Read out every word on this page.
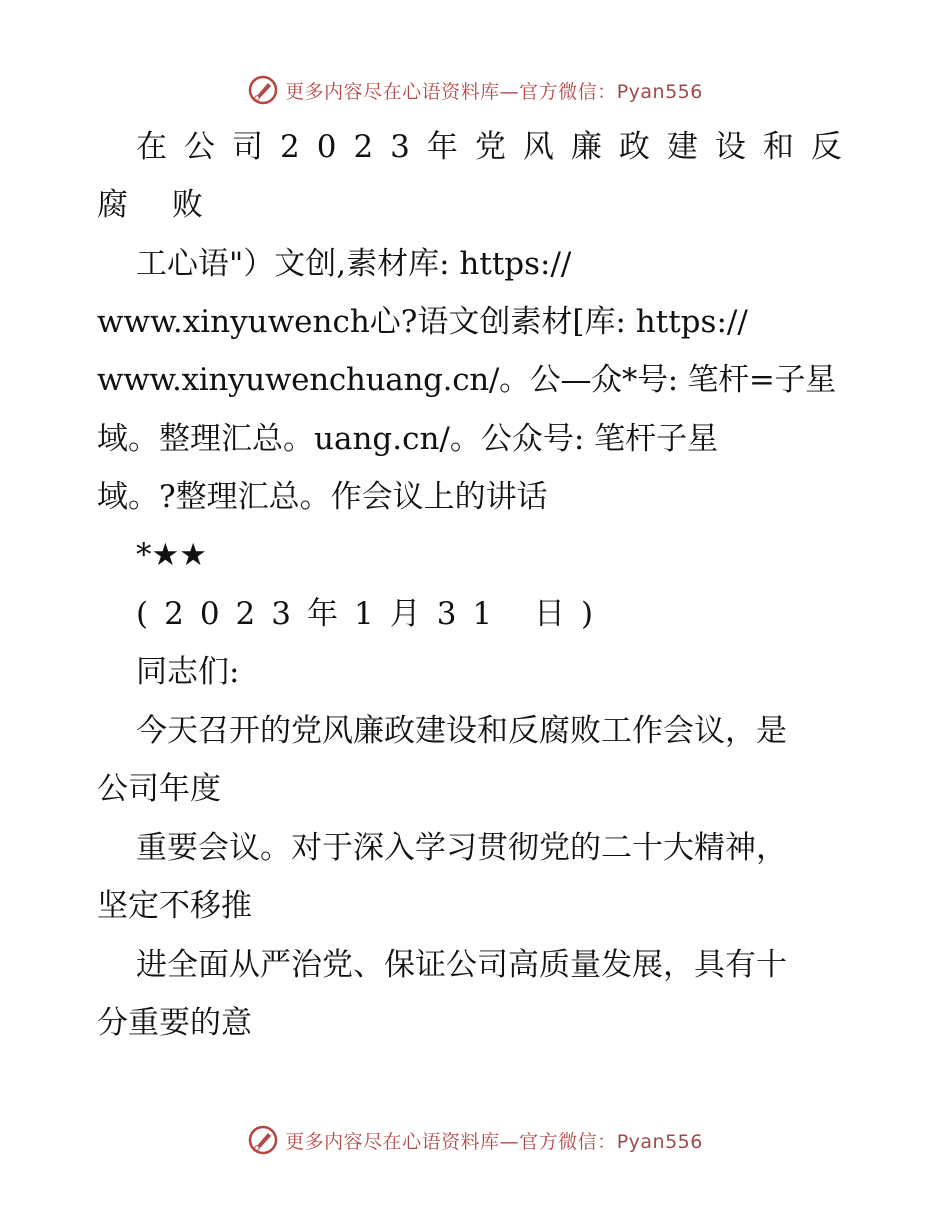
更多内容尽在心语资料库—官方微信：Pyan556
在公司2023年党风廉政建设和反
腐 败
工心语"）文创,素材库: https://
www.xinyuwench心?语文创素材[库: https://
www.xinyuwenchuang.cn/。公—众*号: 笔杆=子星
域。整理汇总。uang.cn/。公众号: 笔杆子星
域。?整理汇总。作会议上的讲话
*★★
(2023年1月31 日)
同志们:
今天召开的党风廉政建设和反腐败工作会议，是
公司年度
重要会议。对于深入学习贯彻党的二十大精神，
坚定不移推
进全面从严治党、保证公司高质量发展，具有十
分重要的意
更多内容尽在心语资料库—官方微信：Pyan556
